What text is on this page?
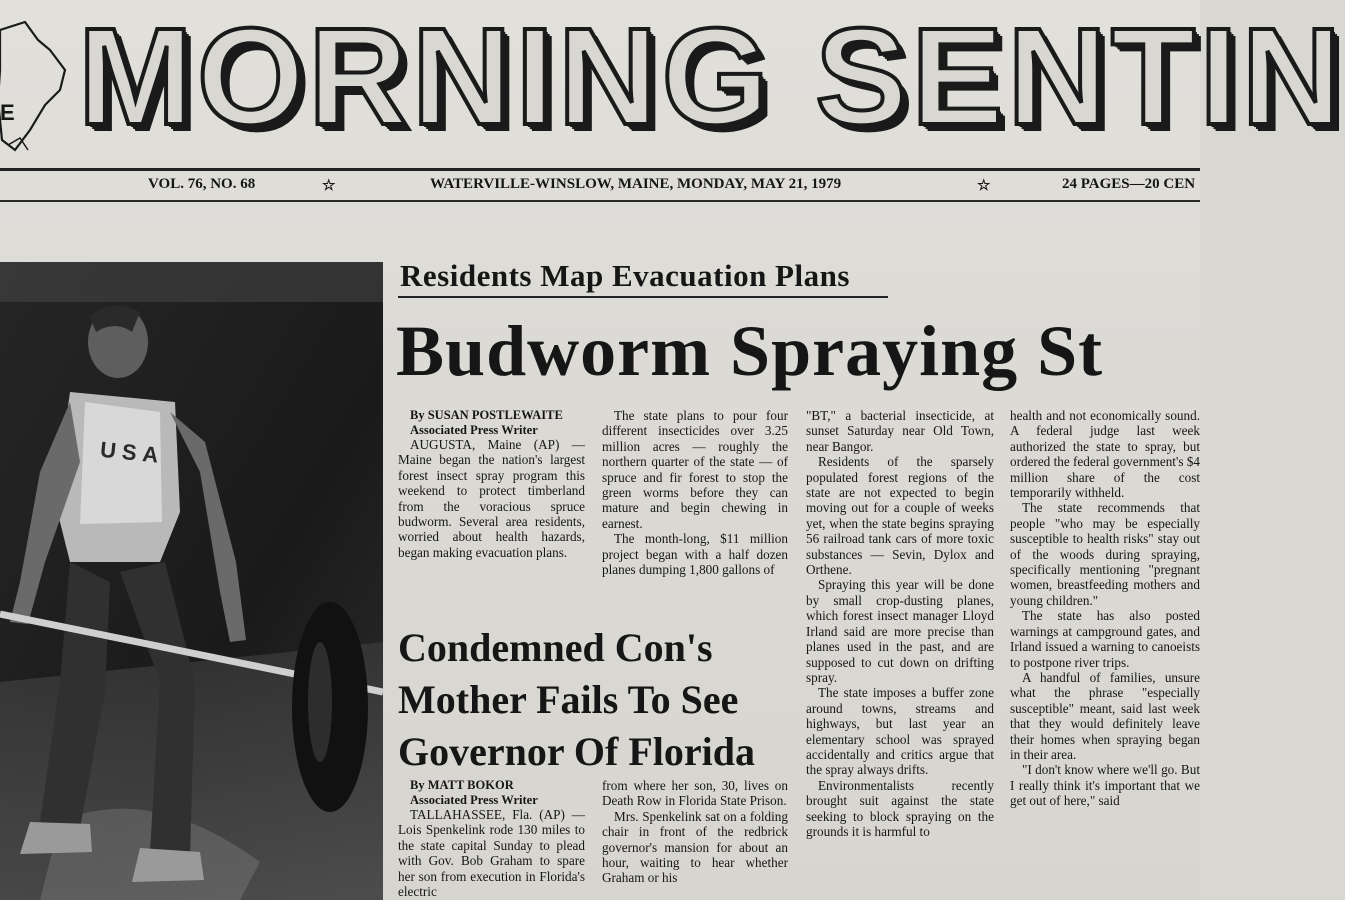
E MORNING SENTIN
VOL. 76, NO. 68	☆	WATERVILLE-WINSLOW, MAINE, MONDAY, MAY 21, 1979	☆	24 PAGES—20 CEN
USA
Residents Map Evacuation Plans
Budworm Spraying St
By SUSAN POSTLEWAITE
Associated Press Writer

AUGUSTA, Maine (AP) — Maine began the nation's largest forest insect spray program this weekend to protect timberland from the voracious spruce budworm. Several area residents, worried about health hazards, began making evacuation plans.

The state plans to pour four different insecticides over 3.25 million acres — roughly the northern quarter of the state — of spruce and fir forest to stop the green worms before they can mature and begin chewing in earnest.

The month-long, $11 million project began with a half dozen planes dumping 1,800 gallons of

"BT," a bacterial insecticide, at sunset Saturday near Old Town, near Bangor.

Residents of the sparsely populated forest regions of the state are not expected to begin moving out for a couple of weeks yet, when the state begins spraying 56 railroad tank cars of more toxic substances — Sevin, Dylox and Orthene.

Spraying this year will be done by small crop-dusting planes, which forest insect manager Lloyd Irland said are more precise than planes used in the past, and are supposed to cut down on drifting spray.

The state imposes a buffer zone around towns, streams and highways, but last year an elementary school was sprayed accidentally and critics argue that the spray always drifts.

Environmentalists recently brought suit against the state seeking to block spraying on the grounds it is harmful to

health and not economically sound. A federal judge last week authorized the state to spray, but ordered the federal government's $4 million share of the cost temporarily withheld.

The state recommends that people "who may be especially susceptible to health risks" stay out of the woods during spraying, specifically mentioning "pregnant women, breastfeeding mothers and young children."

The state has also posted warnings at campground gates, and Irland issued a warning to canoeists to postpone river trips.

A handful of families, unsure what the phrase "especially susceptible" meant, said last week that they would definitely leave their homes when spraying began in their area.

"I don't know where we'll go. But I really think it's important that we get out of here," said

Condemned Con's
Mother Fails To See
Governor Of Florida
By MATT BOKOR
Associated Press Writer

TALLAHASSEE, Fla. (AP) — Lois Spenkelink rode 130 miles to the state capital Sunday to plead with Gov. Bob Graham to spare her son from execution in Florida's electric

from where her son, 30, lives on Death Row in Florida State Prison.

Mrs. Spenkelink sat on a folding chair in front of the redbrick governor's mansion for about an hour, waiting to hear whether Graham or his
